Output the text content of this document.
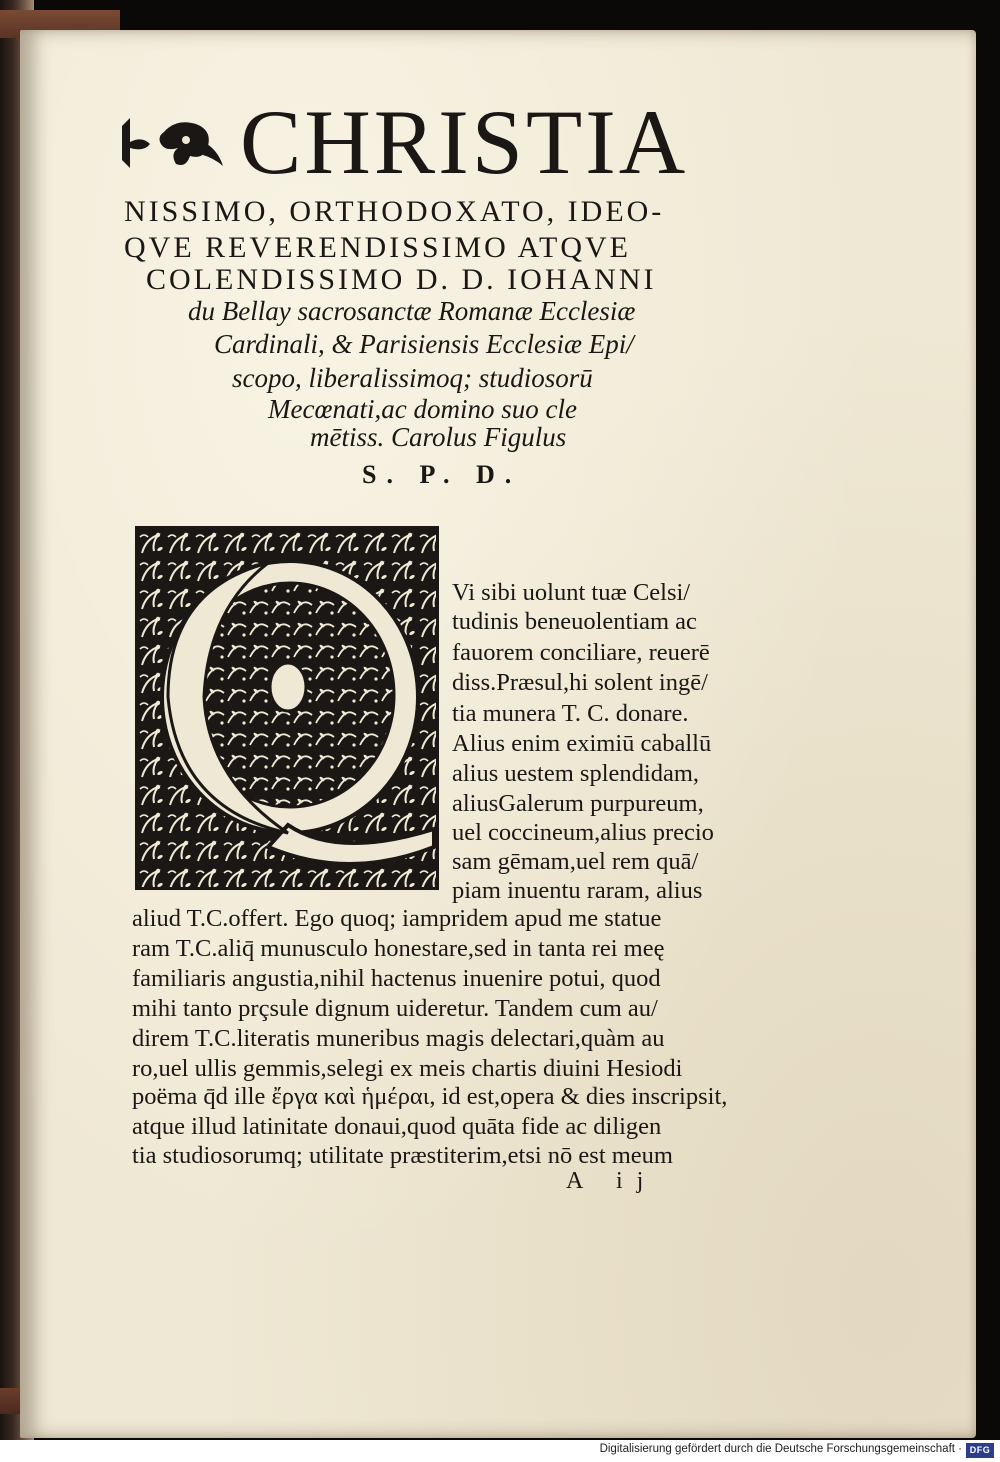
CHRISTIA
NISSIMO, ORTHODOXATO, IDEO-
QVE REVERENDISSIMO ATQVE
COLENDISSIMO D. D. IOHANNI
du Bellay sacrosanctæ Romanæ Ecclesiæ
Cardinali, & Parisiensis Ecclesiæ Epi/
scopo, liberalissimoq; studiosorū
Mecœnati,ac domino suo cle
mētiss. Carolus Figulus
S. P. D.
Vi sibi uolunt tuæ Celsi/
tudinis beneuolentiam ac
fauorem conciliare, reuerē
diss.Præsul,hi solent ingē/
tia munera T. C. donare.
Alius enim eximiū caballū
alius uestem splendidam,
aliusGalerum purpureum,
uel coccineum,alius precio
sam gēmam,uel rem quā/
piam inuentu raram, alius
aliud T.C.offert. Ego quoq; iampridem apud me statue
ram T.C.aliq̄ munusculo honestare,sed in tanta rei meę
familiaris angustia,nihil hactenus inuenire potui, quod
mihi tanto prçsule dignum uideretur. Tandem cum au/
direm T.C.literatis muneribus magis delectari,quàm au
ro,uel ullis gemmis,selegi ex meis chartis diuini Hesiodi
poëma q̄d ille ἔργα καὶ ἡμέραι, id est,opera & dies inscripsit,
atque illud latinitate donaui,quod quāta fide ac diligen
tia studiosorumq; utilitate præstiterim,etsi nō est meum
A ij
Digitalisierung gefördert durch die Deutsche Forschungsgemeinschaft · DFG
